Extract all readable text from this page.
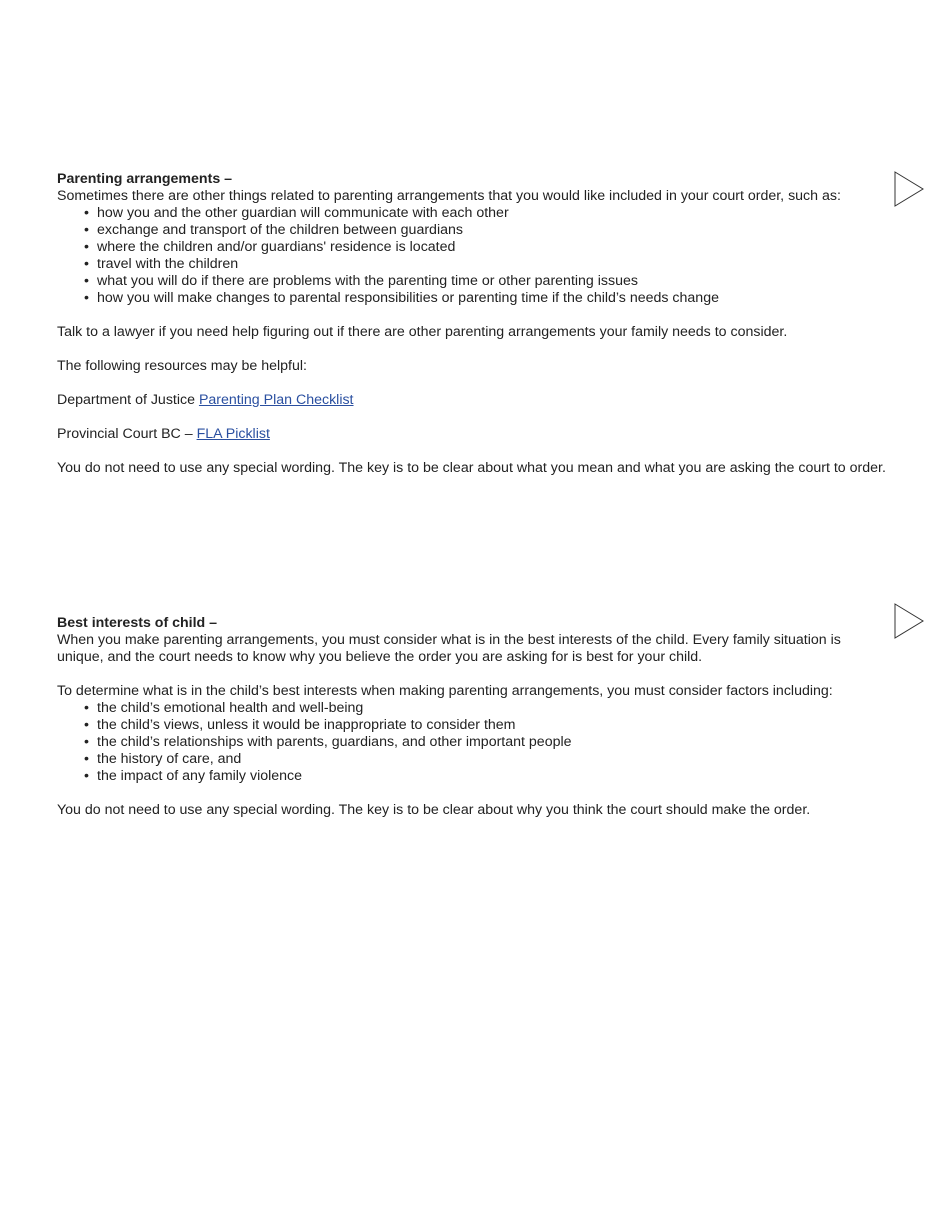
Parenting arrangements –

Sometimes there are other things related to parenting arrangements that you would like included in your court order, such as:

• how you and the other guardian will communicate with each other
• exchange and transport of the children between guardians
• where the children and/or guardians' residence is located
• travel with the children
• what you will do if there are problems with the parenting time or other parenting issues
• how you will make changes to parental responsibilities or parenting time if the child’s needs change

Talk to a lawyer if you need help figuring out if there are other parenting arrangements your family needs to consider.

The following resources may be helpful:

Department of Justice Parenting Plan Checklist

Provincial Court BC – FLA Picklist

You do not need to use any special wording. The key is to be clear about what you mean and what you are asking the court to order.

Best interests of child –

When you make parenting arrangements, you must consider what is in the best interests of the child. Every family situation is unique, and the court needs to know why you believe the order you are asking for is best for your child.

To determine what is in the child’s best interests when making parenting arrangements, you must consider factors including:

• the child’s emotional health and well-being
• the child’s views, unless it would be inappropriate to consider them
• the child’s relationships with parents, guardians, and other important people
• the history of care, and
• the impact of any family violence

You do not need to use any special wording. The key is to be clear about why you think the court should make the order.
